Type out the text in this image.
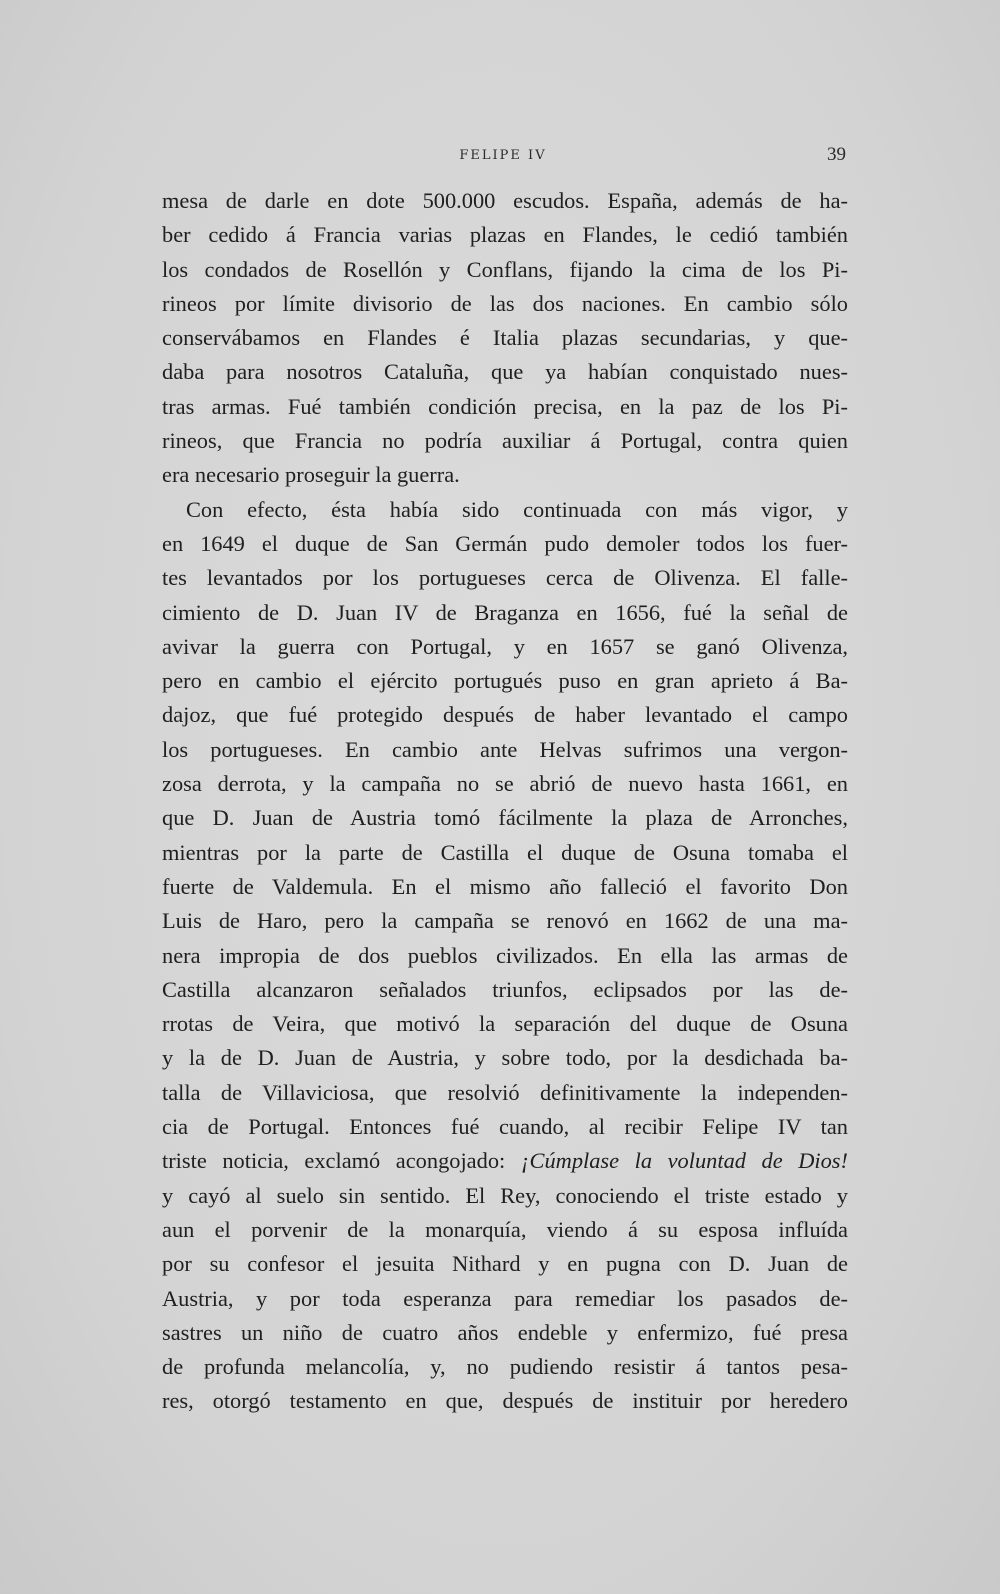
FELIPE IV	39
mesa de darle en dote 500.000 escudos. España, además de ha-
ber cedido á Francia varias plazas en Flandes, le cedió también
los condados de Rosellón y Conflans, fijando la cima de los Pi-
rineos por límite divisorio de las dos naciones. En cambio sólo
conservábamos en Flandes é Italia plazas secundarias, y que-
daba para nosotros Cataluña, que ya habían conquistado nues-
tras armas. Fué también condición precisa, en la paz de los Pi-
rineos, que Francia no podría auxiliar á Portugal, contra quien
era necesario proseguir la guerra.
Con efecto, ésta había sido continuada con más vigor, y
en 1649 el duque de San Germán pudo demoler todos los fuer-
tes levantados por los portugueses cerca de Olivenza. El falle-
cimiento de D. Juan IV de Braganza en 1656, fué la señal de
avivar la guerra con Portugal, y en 1657 se ganó Olivenza,
pero en cambio el ejército portugués puso en gran aprieto á Ba-
dajoz, que fué protegido después de haber levantado el campo
los portugueses. En cambio ante Helvas sufrimos una vergon-
zosa derrota, y la campaña no se abrió de nuevo hasta 1661, en
que D. Juan de Austria tomó fácilmente la plaza de Arronches,
mientras por la parte de Castilla el duque de Osuna tomaba el
fuerte de Valdemula. En el mismo año falleció el favorito Don
Luis de Haro, pero la campaña se renovó en 1662 de una ma-
nera impropia de dos pueblos civilizados. En ella las armas de
Castilla alcanzaron señalados triunfos, eclipsados por las de-
rrotas de Veira, que motivó la separación del duque de Osuna
y la de D. Juan de Austria, y sobre todo, por la desdichada ba-
talla de Villaviciosa, que resolvió definitivamente la independen-
cia de Portugal. Entonces fué cuando, al recibir Felipe IV tan
triste noticia, exclamó acongojado: ¡Cúmplase la voluntad de Dios!
y cayó al suelo sin sentido. El Rey, conociendo el triste estado y
aun el porvenir de la monarquía, viendo á su esposa influída
por su confesor el jesuita Nithard y en pugna con D. Juan de
Austria, y por toda esperanza para remediar los pasados de-
sastres un niño de cuatro años endeble y enfermizo, fué presa
de profunda melancolía, y, no pudiendo resistir á tantos pesa-
res, otorgó testamento en que, después de instituir por heredero
